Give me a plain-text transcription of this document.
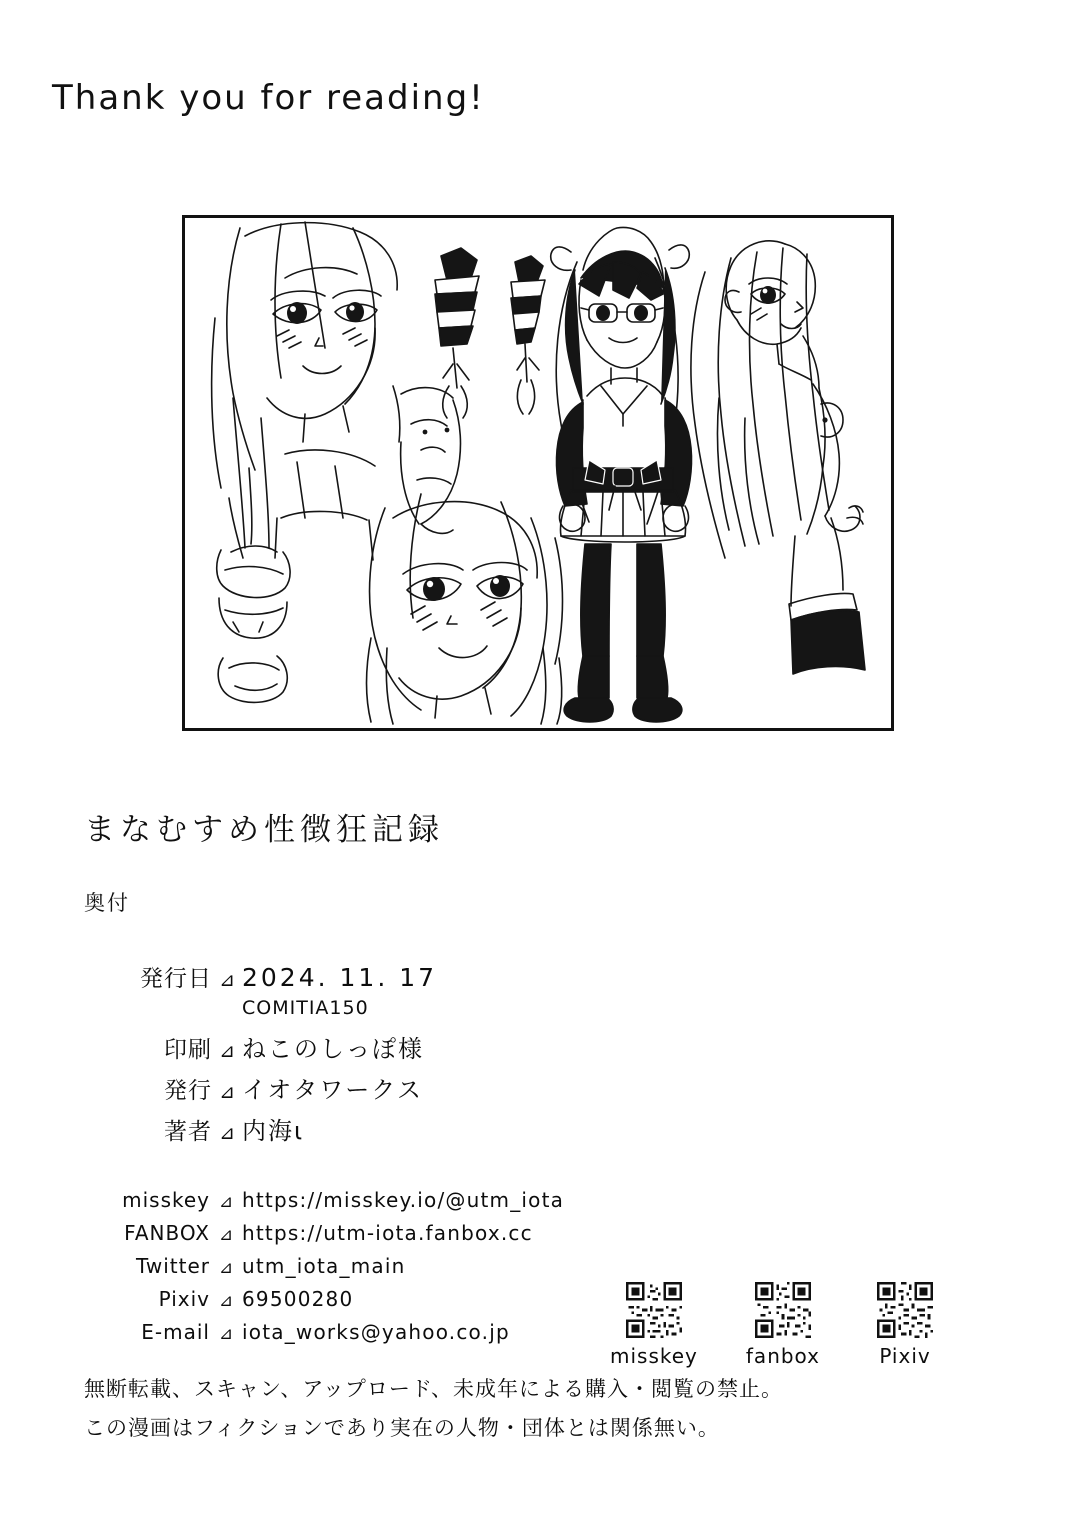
Thank you for reading!
まなむすめ性徴狂記録
奥付
発行日 ⊿ 2024. 11. 17
COMITIA150
印刷 ⊿ ねこのしっぽ様
発行 ⊿ イオタワークス
著者 ⊿ 内海ι
misskey ⊿ https://misskey.io/@utm_iota
FANBOX ⊿ https://utm-iota.fanbox.cc
Twitter ⊿ utm_iota_main
Pixiv ⊿ 69500280
E-mail ⊿ iota_works@yahoo.co.jp
misskey fanbox	Pixiv
無断転載、スキャン、アップロード、未成年による購入・閲覧の禁止。
この漫画はフィクションであり実在の人物・団体とは関係無い。
